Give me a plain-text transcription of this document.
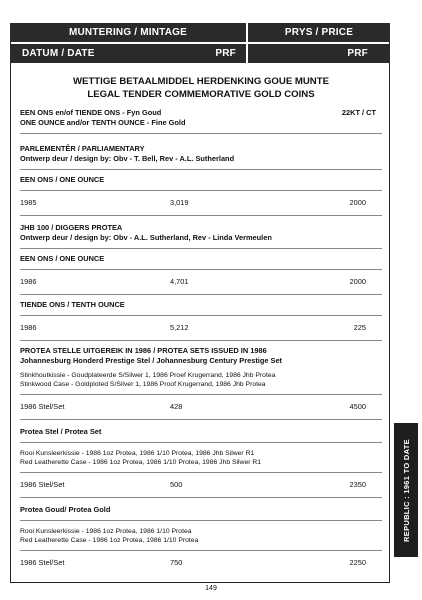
MUNTERING / MINTAGE	PRYS / PRICE
DATUM / DATE	PRF	PRF
WETTIGE BETAALMIDDEL HERDENKING GOUE MUNTE
LEGAL TENDER COMMEMORATIVE GOLD COINS
EEN ONS en/of TIENDE ONS - Fyn Goud	22KT / CT
ONE OUNCE and/or TENTH OUNCE - Fine Gold
PARLEMENTÊR / PARLIAMENTARY
Ontwerp deur / design by: Obv - T. Bell, Rev - A.L. Sutherland
EEN ONS / ONE OUNCE
1985	3,019	2000
JHB 100 / DIGGERS PROTEA
Ontwerp deur / design by: Obv - A.L. Sutherland, Rev - Linda Vermeulen
EEN ONS / ONE OUNCE
1986	4,701	2000
TIENDE ONS / TENTH OUNCE
1986	5,212	225
PROTEA STELLE UITGEREIK IN 1986 / PROTEA SETS ISSUED IN 1986
Johannesburg Honderd Prestige Stel / Johannesburg Century Prestige Set
Stinkhoutkissie - Goudplateerde S/Silwer 1, 1986 Proef Krugerrand, 1986 Jhb Protea
Stinkwood Case - Goldploted S/Silver 1, 1986 Proof Krugerrand, 1986 Jhb Protea
1986 Stel/Set	428	4500
Protea Stel / Protea Set
Rooi Kunsleerkissie - 1986 1oz Protea, 1986 1/10 Protea, 1986 Jhb Silwer R1
Red Leatherette Case - 1986 1oz Protea, 1986 1/10 Protea, 1986 Jhb Silwer R1
1986 Stel/Set	500	2350
Protea Goud/ Protea Gold
Rooi Kunsleerkissie - 1986 1oz Protea, 1986 1/10 Protea
Red Leatherette Case - 1986 1oz Protea, 1986 1/10 Protea
1986 Stel/Set	750	2250
REPUBLIC : 1961 TO DATE
149
